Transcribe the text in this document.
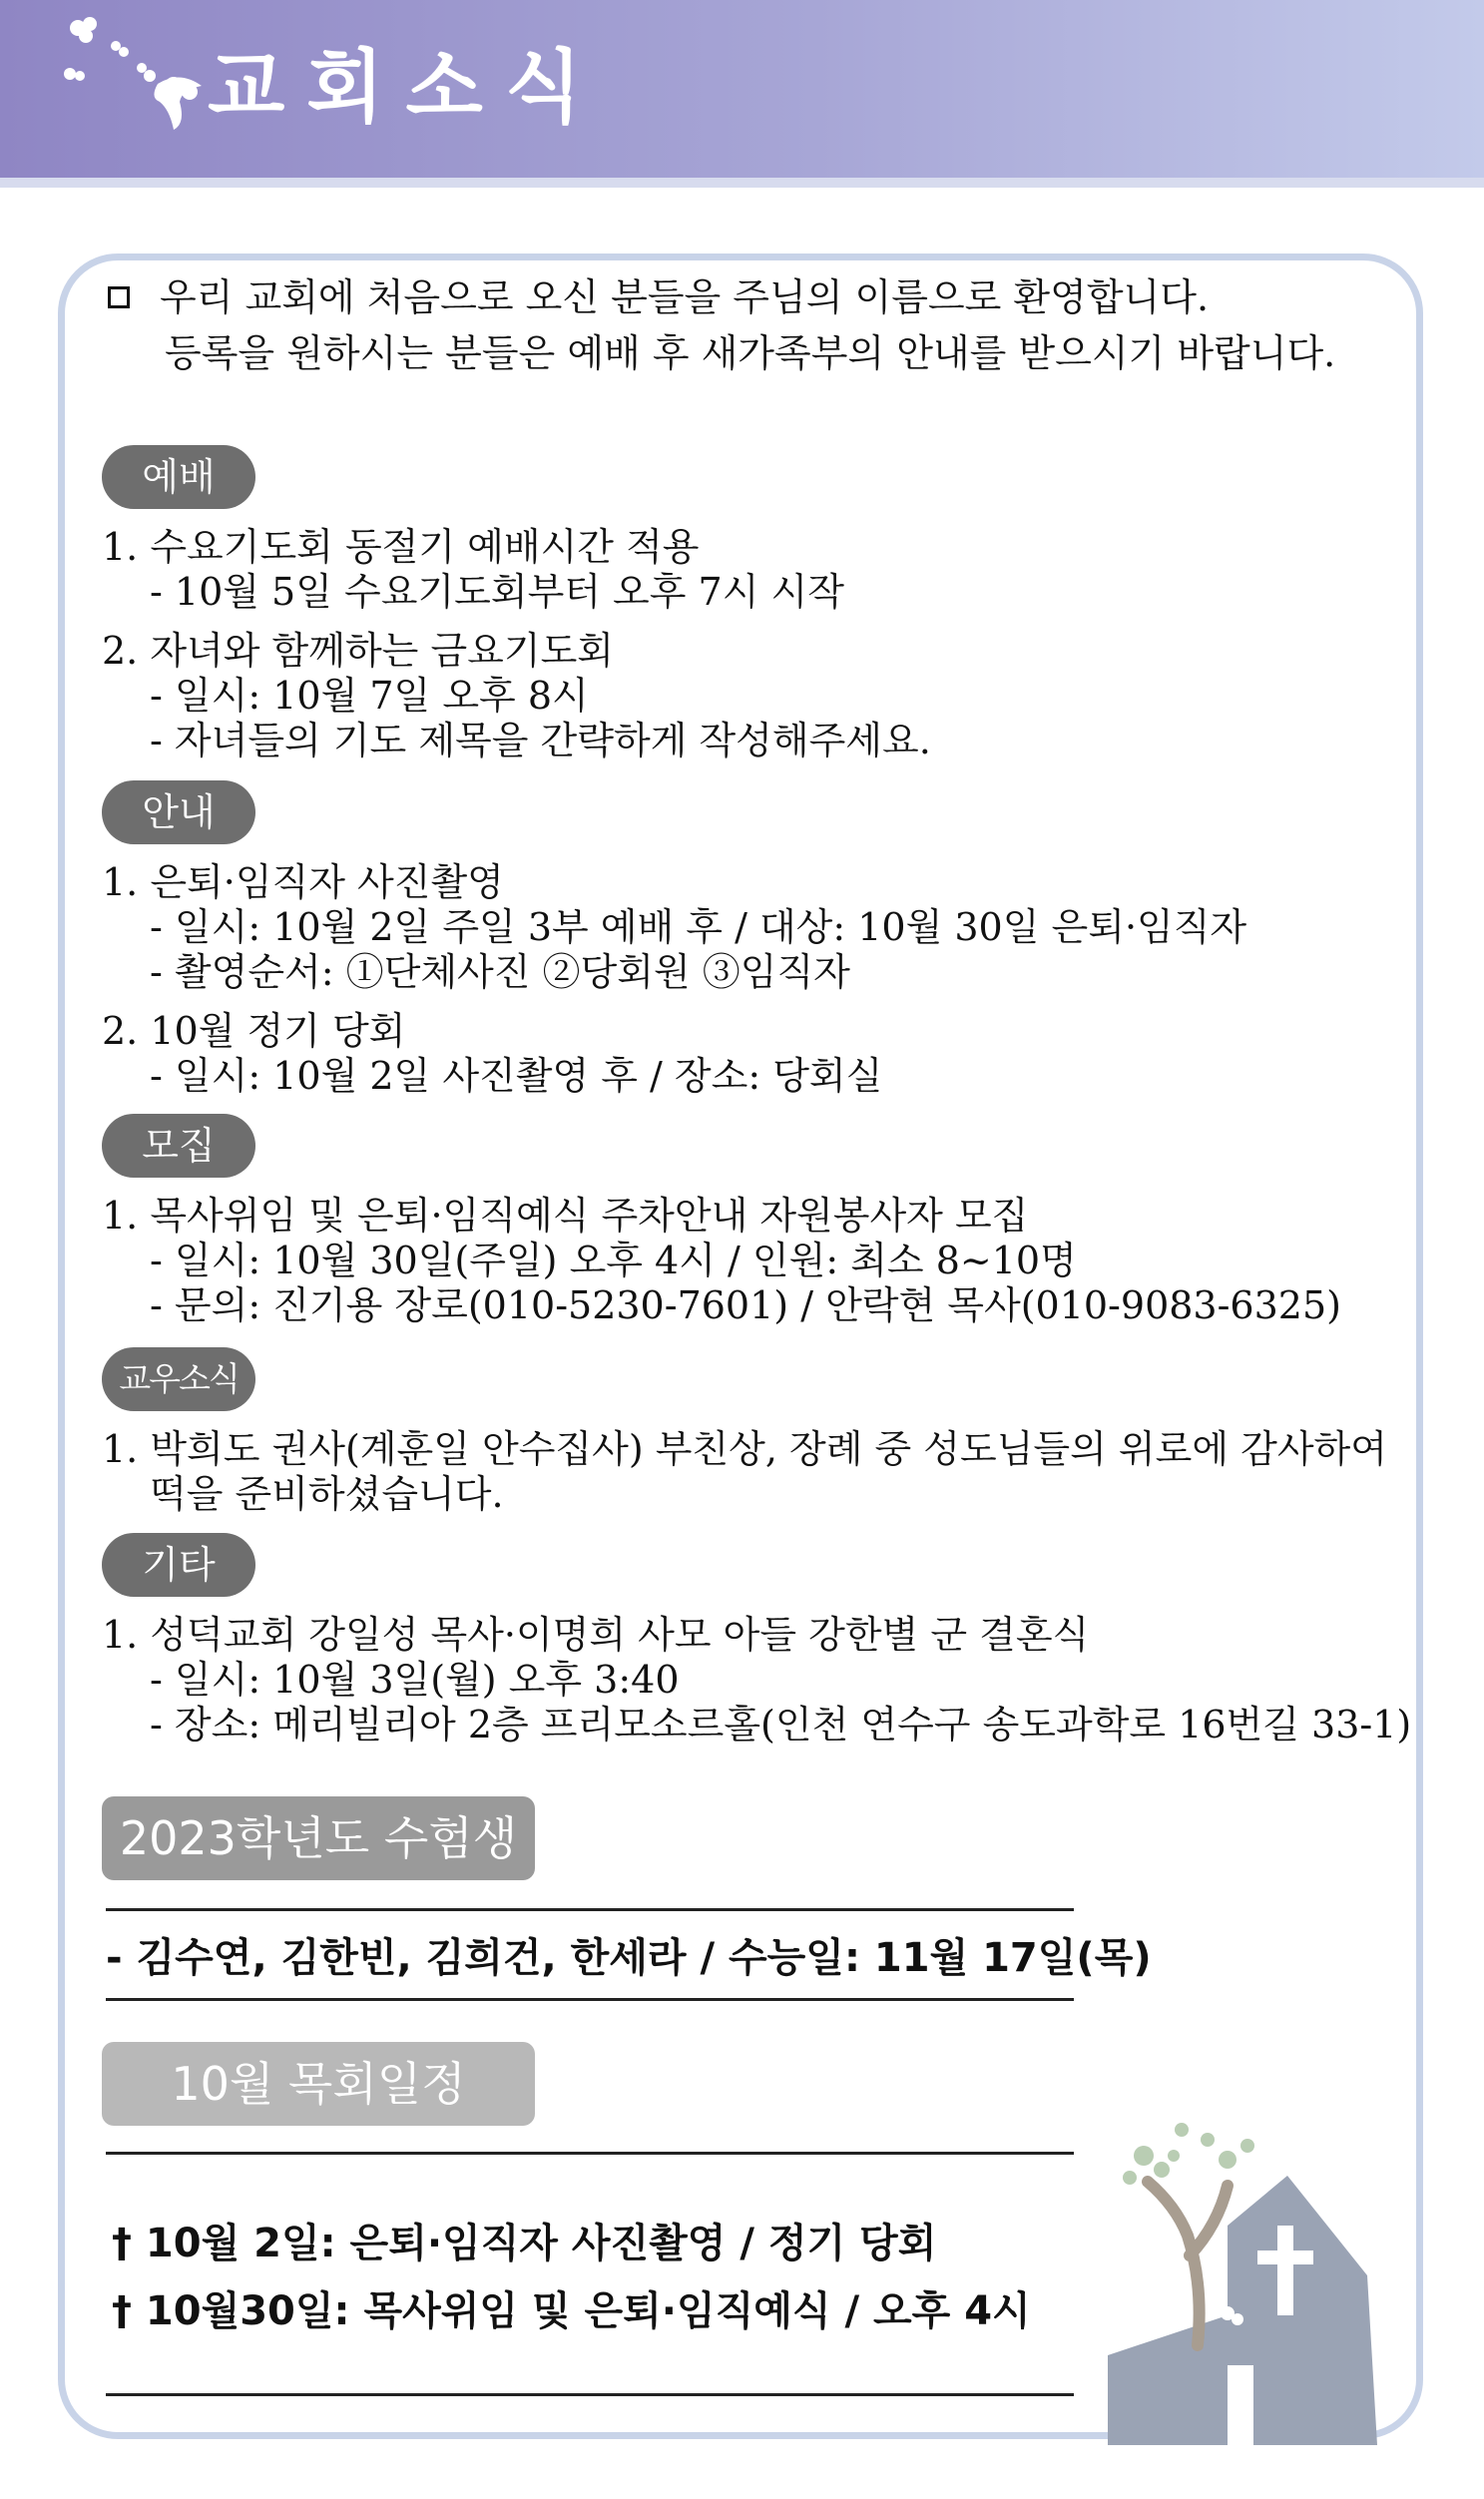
교회소식
우리 교회에 처음으로 오신 분들을 주님의 이름으로 환영합니다.
등록을 원하시는 분들은 예배 후 새가족부의 안내를 받으시기 바랍니다.
예배
1. 수요기도회 동절기 예배시간 적용
- 10월 5일 수요기도회부터 오후 7시 시작
2. 자녀와 함께하는 금요기도회
- 일시: 10월 7일 오후 8시
- 자녀들의 기도 제목을 간략하게 작성해주세요.
안내
1. 은퇴·임직자 사진촬영
- 일시: 10월 2일 주일 3부 예배 후 / 대상: 10월 30일 은퇴·임직자
- 촬영순서: ①단체사진 ②당회원 ③임직자
2. 10월 정기 당회
- 일시: 10월 2일 사진촬영 후 / 장소: 당회실
모집
1. 목사위임 및 은퇴·임직예식 주차안내 자원봉사자 모집
- 일시: 10월 30일(주일) 오후 4시 / 인원: 최소 8~10명
- 문의: 진기용 장로(010-5230-7601) / 안락현 목사(010-9083-6325)
교우소식
1. 박희도 권사(계훈일 안수집사) 부친상, 장례 중 성도님들의 위로에 감사하여
떡을 준비하셨습니다.
기타
1. 성덕교회 강일성 목사·이명희 사모 아들 강한별 군 결혼식
- 일시: 10월 3일(월) 오후 3:40
- 장소: 메리빌리아 2층 프리모소르홀(인천 연수구 송도과학로 16번길 33-1)
2023학년도 수험생
- 김수연, 김한빈, 김희건, 한세라 / 수능일: 11월 17일(목)
10월 목회일정
† 10월 2일: 은퇴·임직자 사진촬영 / 정기 당회
† 10월30일: 목사위임 및 은퇴·임직예식 / 오후 4시
